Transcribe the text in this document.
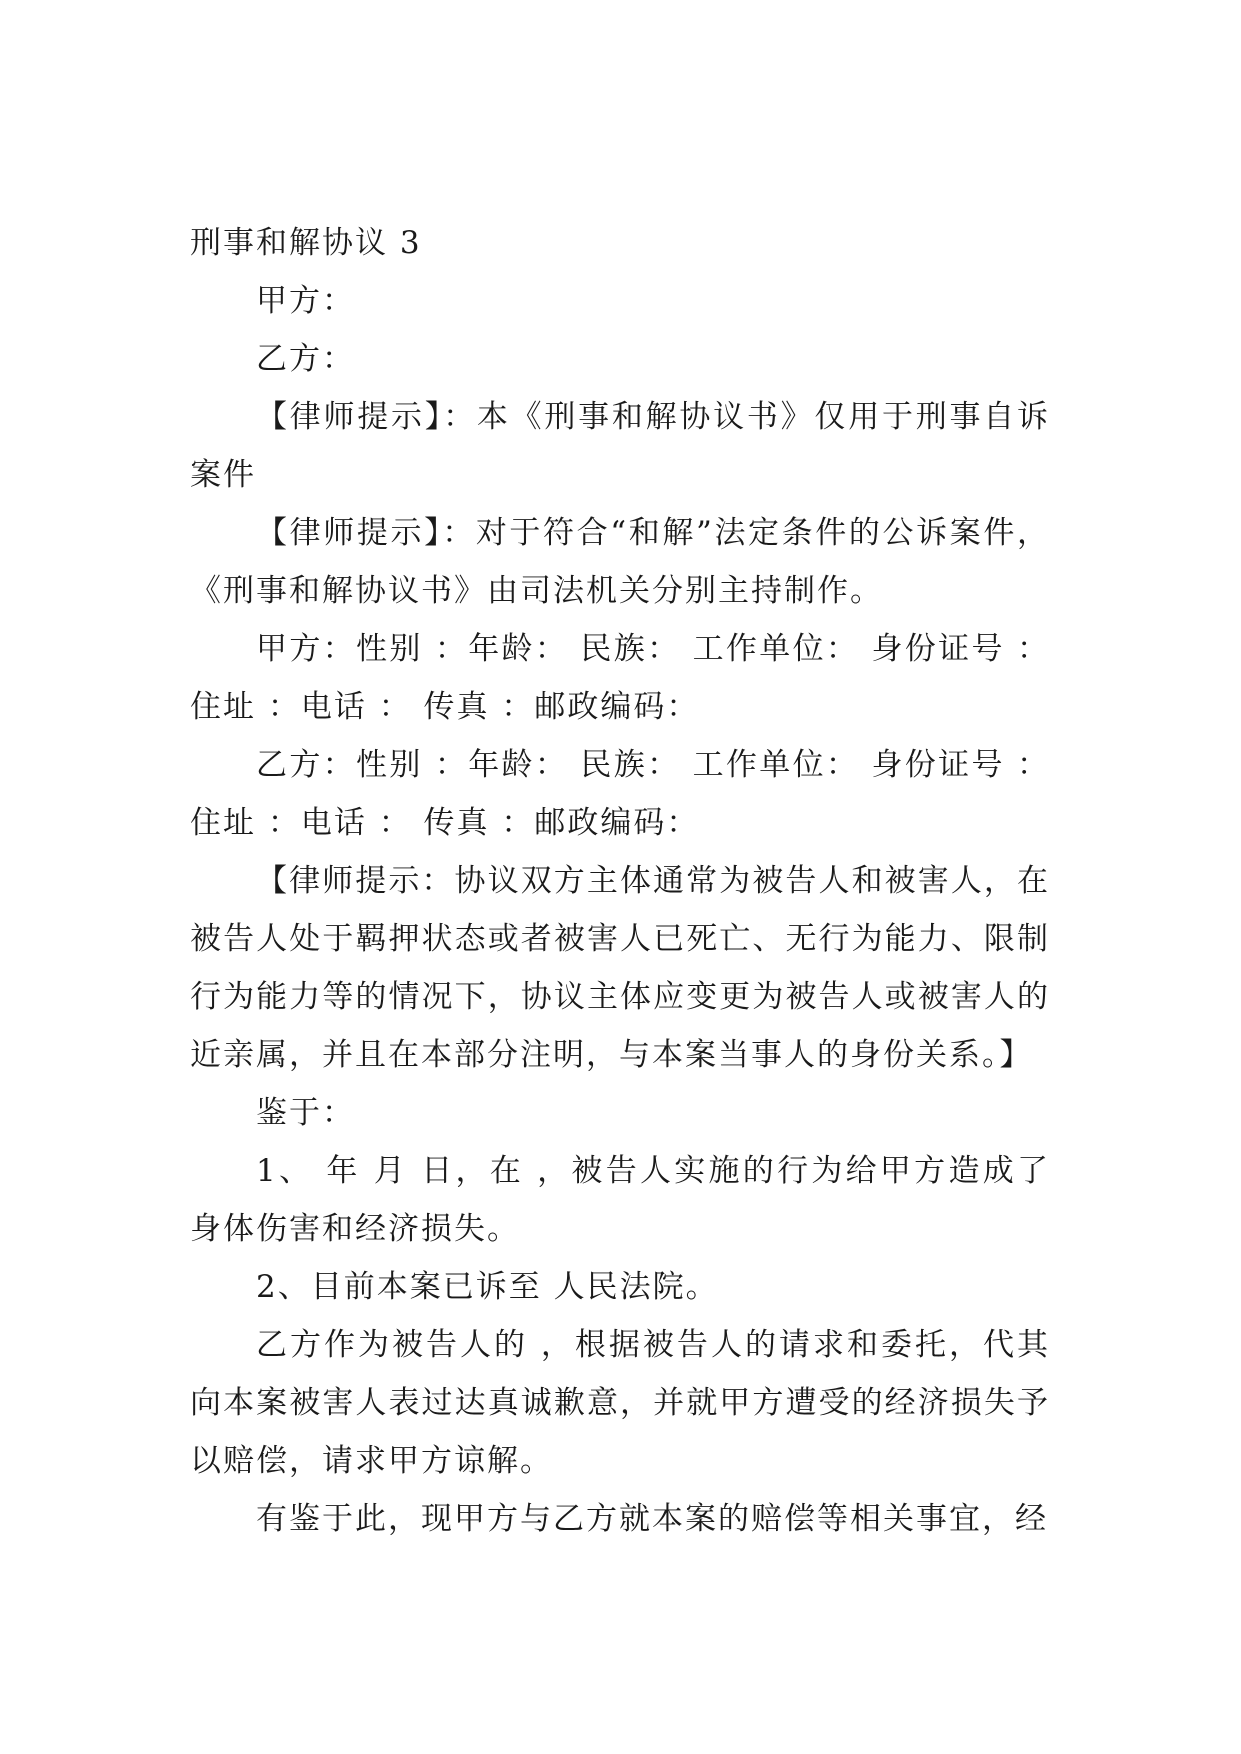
刑事和解协议 3

甲方：

乙方：

【律师提示】：本《刑事和解协议书》仅用于刑事自诉案件

【律师提示】：对于符合“和解”法定条件的公诉案件，《刑事和解协议书》由司法机关分别主持制作。

甲方：性别 ：年龄： 民族： 工作单位： 身份证号 ：住址 ：电话 ： 传真 ：邮政编码：

乙方：性别 ：年龄： 民族： 工作单位： 身份证号 ：住址 ：电话 ： 传真 ：邮政编码：

【律师提示：协议双方主体通常为被告人和被害人，在被告人处于羁押状态或者被害人已死亡、无行为能力、限制行为能力等的情况下，协议主体应变更为被告人或被害人的近亲属，并且在本部分注明，与本案当事人的身份关系。】

鉴于：

1、 年 月 日，在 ，被告人实施的行为给甲方造成了身体伤害和经济损失。

2、目前本案已诉至 人民法院。

乙方作为被告人的 ，根据被告人的请求和委托，代其向本案被害人表过达真诚歉意，并就甲方遭受的经济损失予以赔偿，请求甲方谅解。

有鉴于此，现甲方与乙方就本案的赔偿等相关事宜，经
